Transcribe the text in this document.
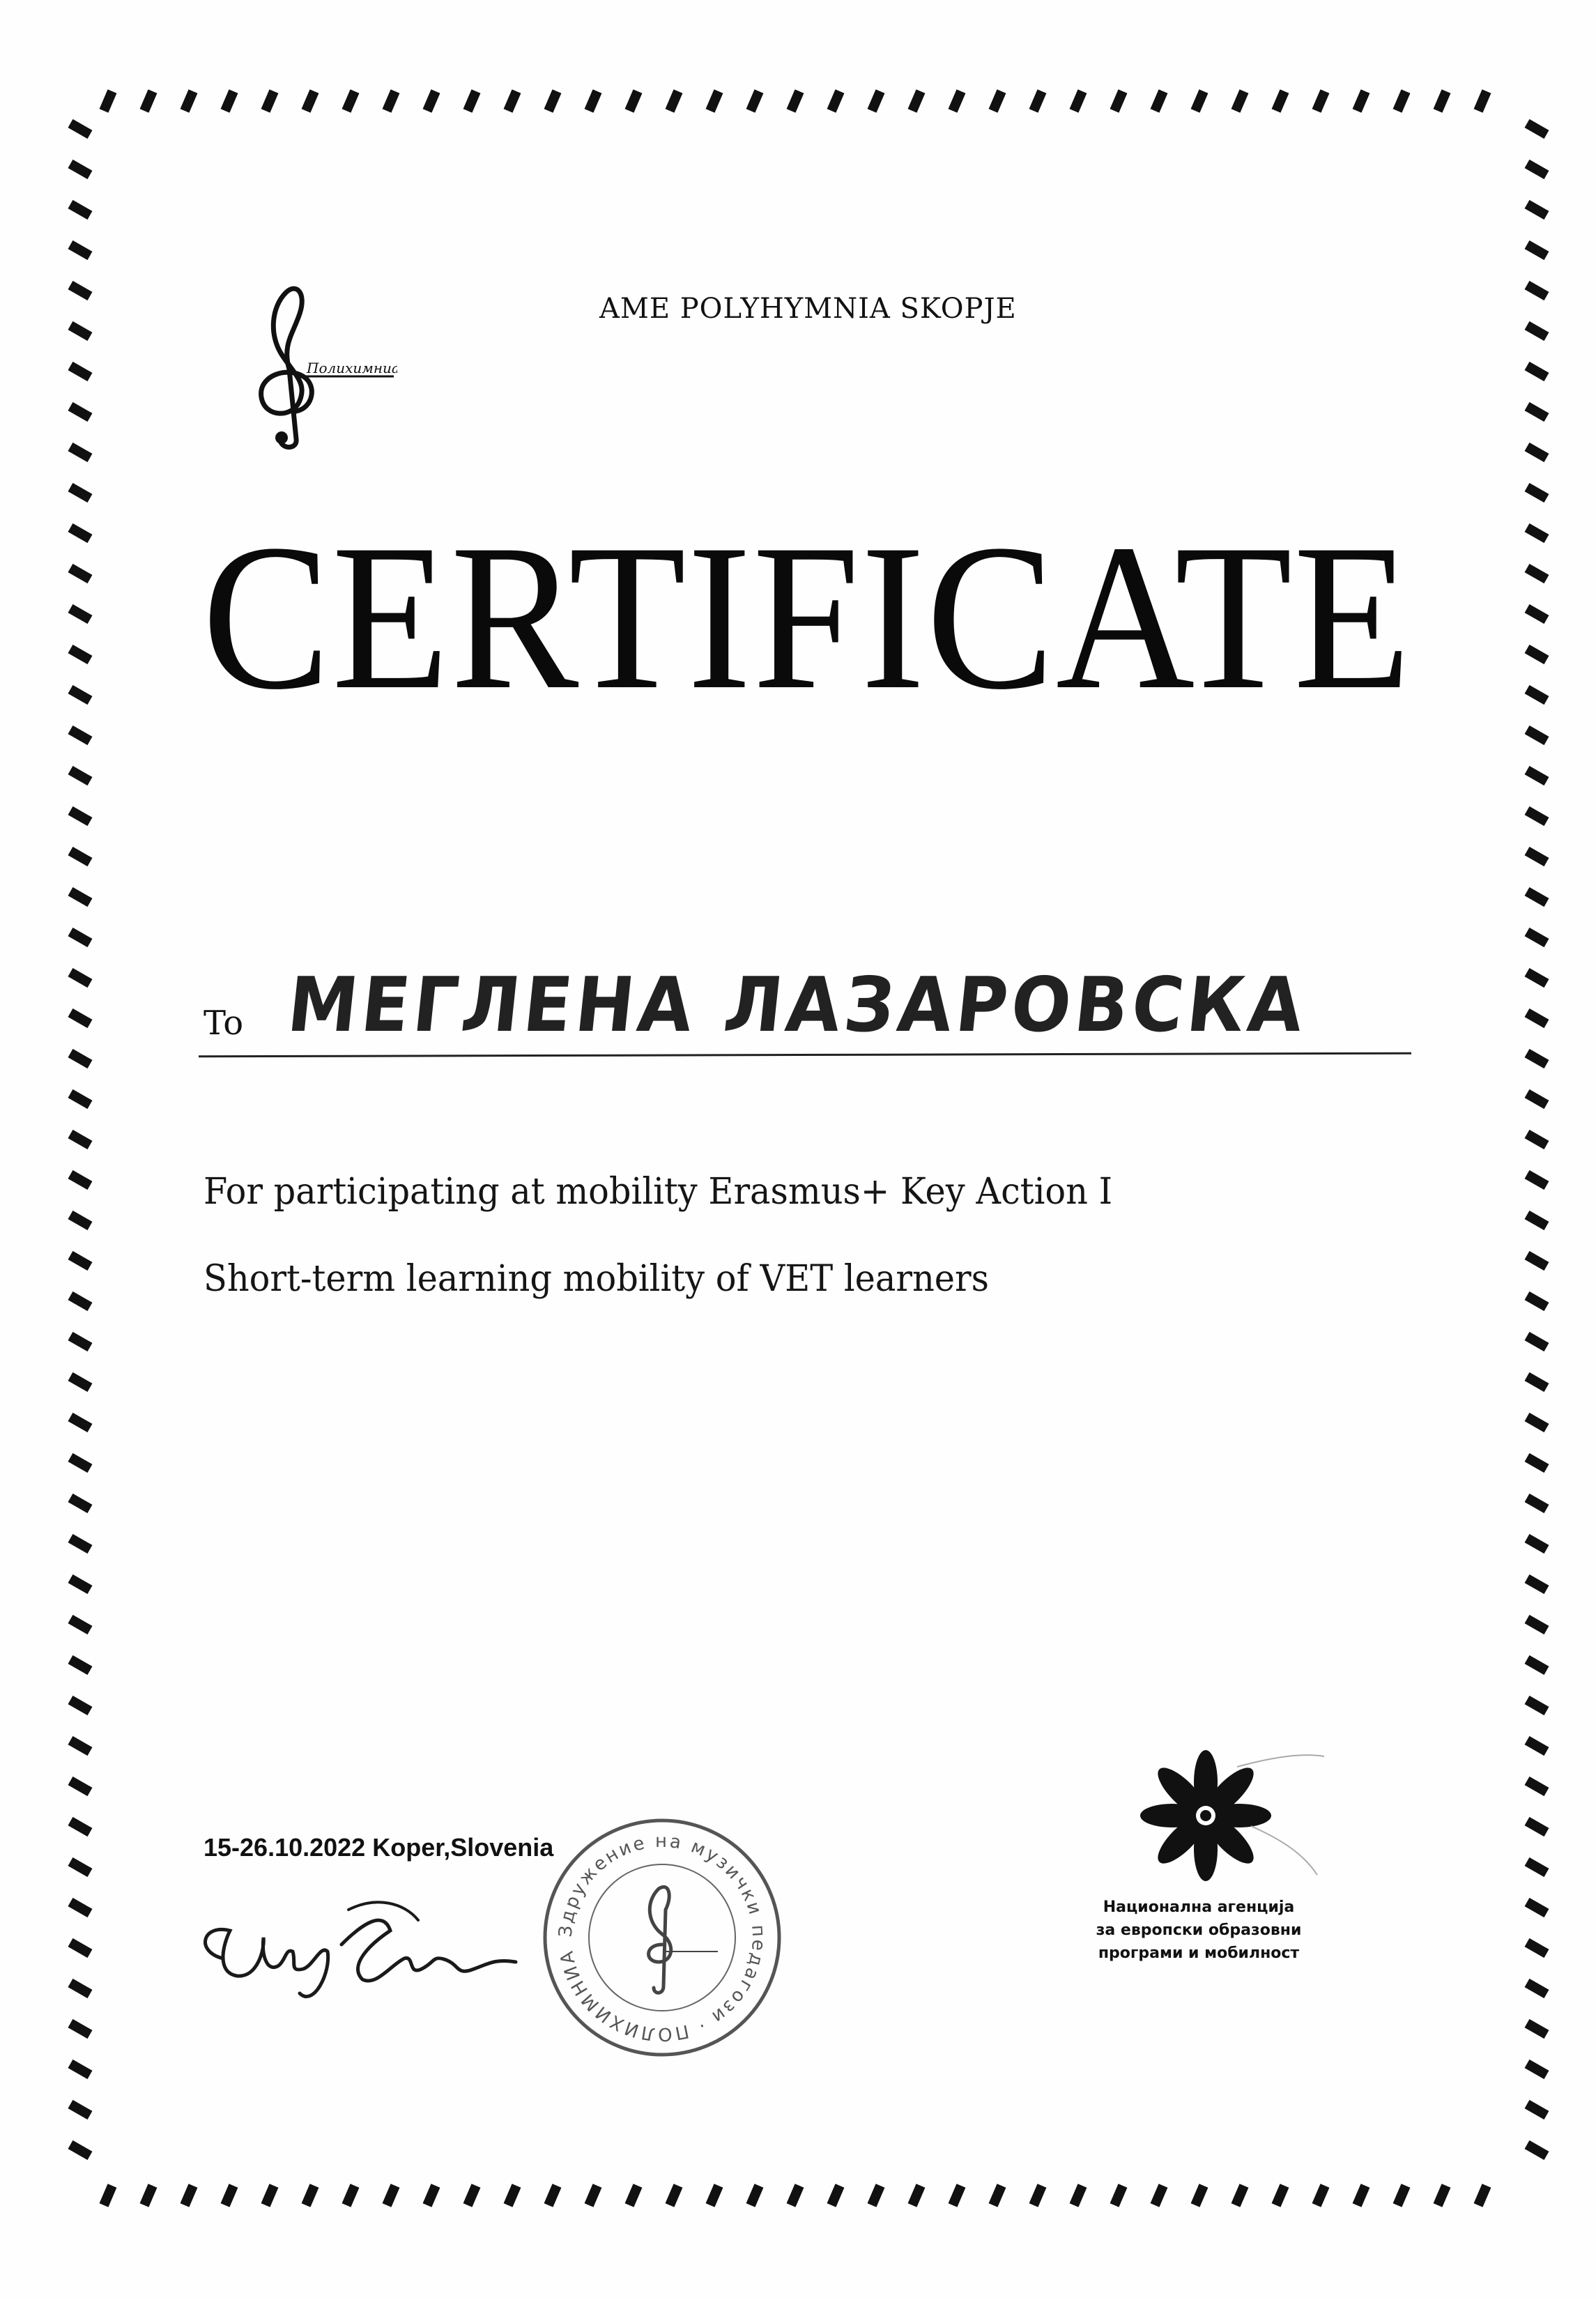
Полихимниа
AME POLYHYMNIA SKOPJE
CERTIFICATE
To МЕГЛЕНА ЛАЗАРОВСКА
For participating at mobility Erasmus+ Key Action I
Short-term learning mobility of VET learners
15-26.10.2022 Koper,Slovenia
Здружение на музички педагози · ПОЛИХИМНИА
Национална агенција
за европски образовни
програми и мобилност
